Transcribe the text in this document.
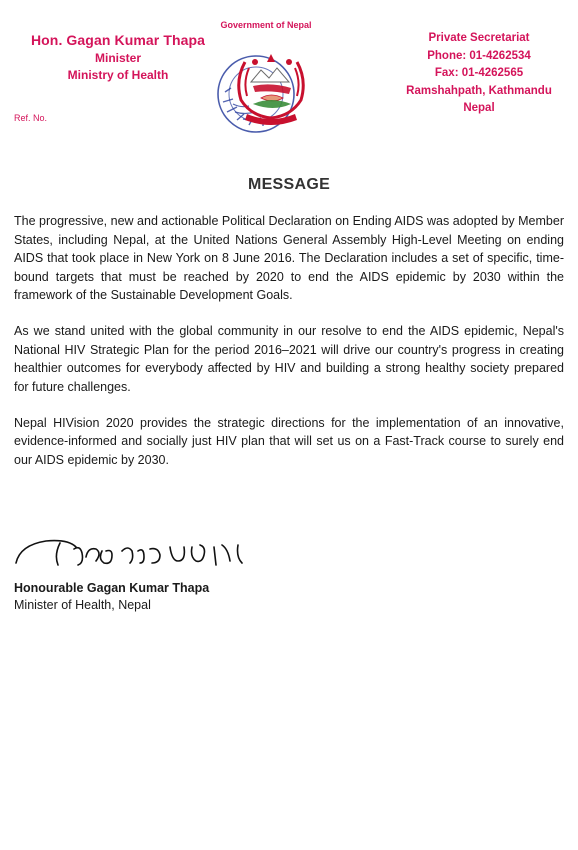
Hon. Gagan Kumar Thapa
Minister
Ministry of Health
Ref. No.
Government of Nepal
Private Secretariat
Phone: 01-4262534
Fax: 01-4262565
Ramshahpath, Kathmandu
Nepal
MESSAGE

The progressive, new and actionable Political Declaration on Ending AIDS was adopted by Member States, including Nepal, at the United Nations General Assembly High-Level Meeting on ending AIDS that took place in New York on 8 June 2016. The Declaration includes a set of specific, time-bound targets that must be reached by 2020 to end the AIDS epidemic by 2030 within the framework of the Sustainable Development Goals.

As we stand united with the global community in our resolve to end the AIDS epidemic, Nepal's National HIV Strategic Plan for the period 2016–2021 will drive our country's progress in creating healthier outcomes for everybody affected by HIV and building a strong healthy society prepared for future challenges.

Nepal HIVision 2020 provides the strategic directions for the implementation of an innovative, evidence-informed and socially just HIV plan that will set us on a Fast-Track course to surely end our AIDS epidemic by 2030.

Honourable Gagan Kumar Thapa
Minister of Health, Nepal
